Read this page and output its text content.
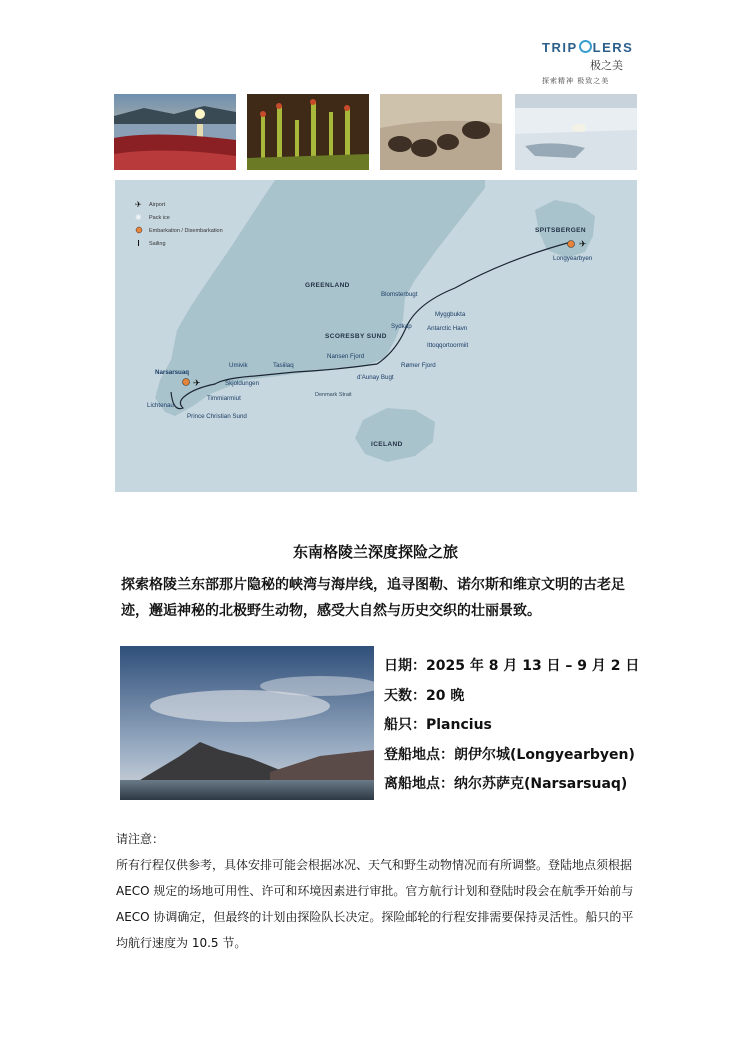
TRIP LERS
极之美
探索精神 极致之美
✈
✈
✈ Airport
✱ Pack ice
Embarkation / Disembarkation
Sailing
GREENLAND
SPITSBERGEN
ICELAND
SCORESBY SUND
Longyearbyen
Blomsterbugt
Myggbukta
Sydkap Antarctic Havn
Ittoqqortoormiit
Nansen Fjord
Rømer Fjord
d'Aunay Bugt
Tasiilaq
Umivik
Skjoldungen
Timmiarmiut
Narsarsuaq
Lichtenau
Prince Christian Sund
Denmark Strait
东南格陵兰深度探险之旅
探索格陵兰东部那片隐秘的峡湾与海岸线，追寻图勒、诺尔斯和维京文明的古老足迹，邂逅神秘的北极野生动物，感受大自然与历史交织的壮丽景致。
日期：2025 年 8 月 13 日 – 9 月 2 日
天数：20 晚
船只：Plancius
登船地点：朗伊尔城(Longyearbyen)
离船地点：纳尔苏萨克(Narsarsuaq)
请注意：
所有行程仅供参考，具体安排可能会根据冰况、天气和野生动物情况而有所调整。登陆地点须根据 AECO 规定的场地可用性、许可和环境因素进行审批。官方航行计划和登陆时段会在航季开始前与 AECO 协调确定，但最终的计划由探险队长决定。探险邮轮的行程安排需要保持灵活性。船只的平均航行速度为 10.5 节。
